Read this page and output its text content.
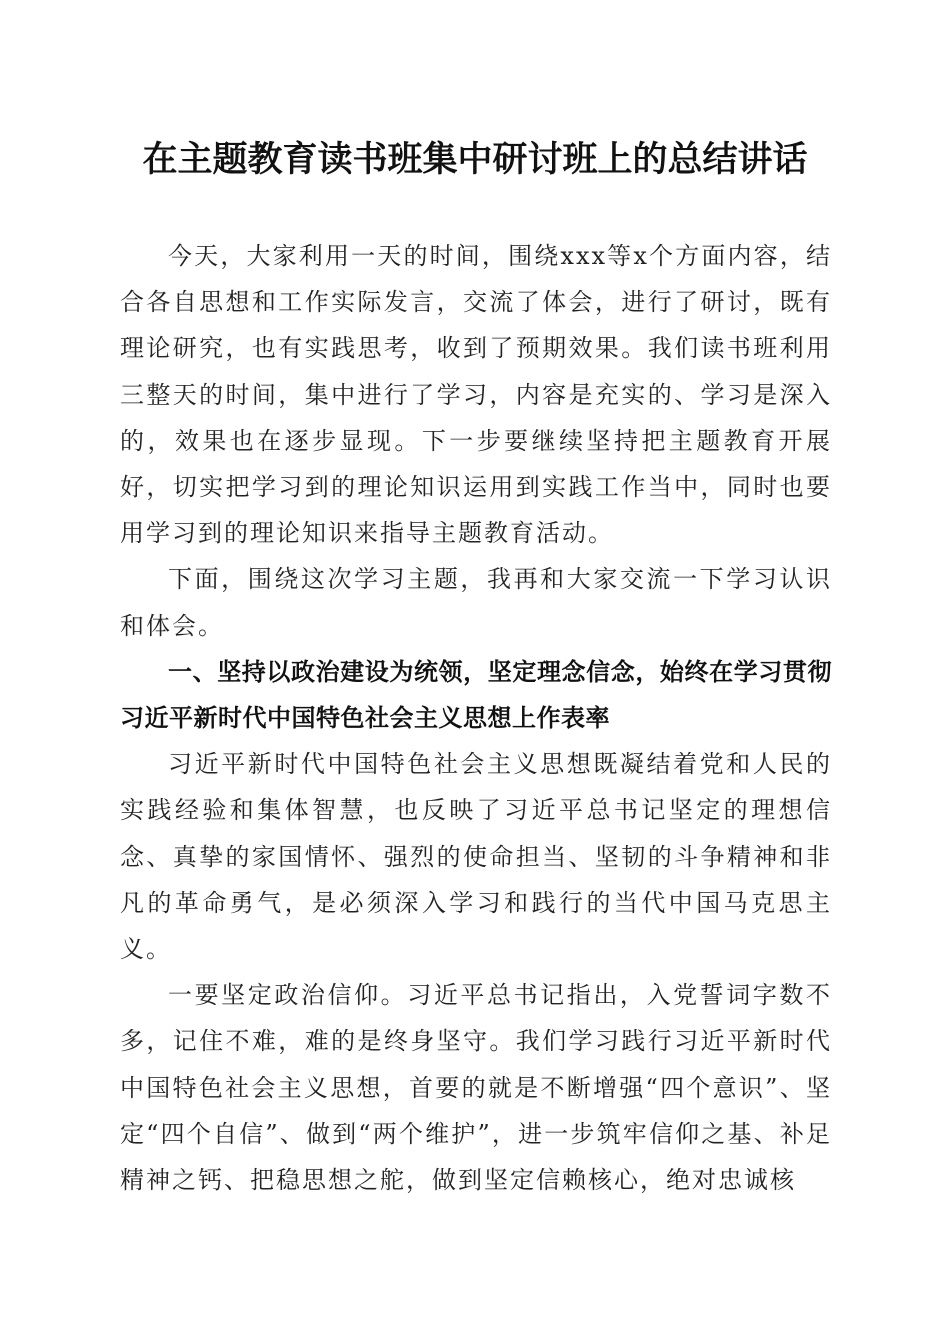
在主题教育读书班集中研讨班上的总结讲话

今天，大家利用一天的时间，围绕xxx等x个方面内容，结合各自思想和工作实际发言，交流了体会，进行了研讨，既有理论研究，也有实践思考，收到了预期效果。我们读书班利用三整天的时间，集中进行了学习，内容是充实的、学习是深入的，效果也在逐步显现。下一步要继续坚持把主题教育开展好，切实把学习到的理论知识运用到实践工作当中，同时也要用学习到的理论知识来指导主题教育活动。

下面，围绕这次学习主题，我再和大家交流一下学习认识和体会。

一、坚持以政治建设为统领，坚定理念信念，始终在学习贯彻习近平新时代中国特色社会主义思想上作表率

习近平新时代中国特色社会主义思想既凝结着党和人民的实践经验和集体智慧，也反映了习近平总书记坚定的理想信念、真挚的家国情怀、强烈的使命担当、坚韧的斗争精神和非凡的革命勇气，是必须深入学习和践行的当代中国马克思主义。

一要坚定政治信仰。习近平总书记指出，入党誓词字数不多，记住不难，难的是终身坚守。我们学习践行习近平新时代中国特色社会主义思想，首要的就是不断增强“四个意识”、坚定“四个自信”、做到“两个维护”，进一步筑牢信仰之基、补足精神之钙、把稳思想之舵，做到坚定信赖核心，绝对忠诚核
